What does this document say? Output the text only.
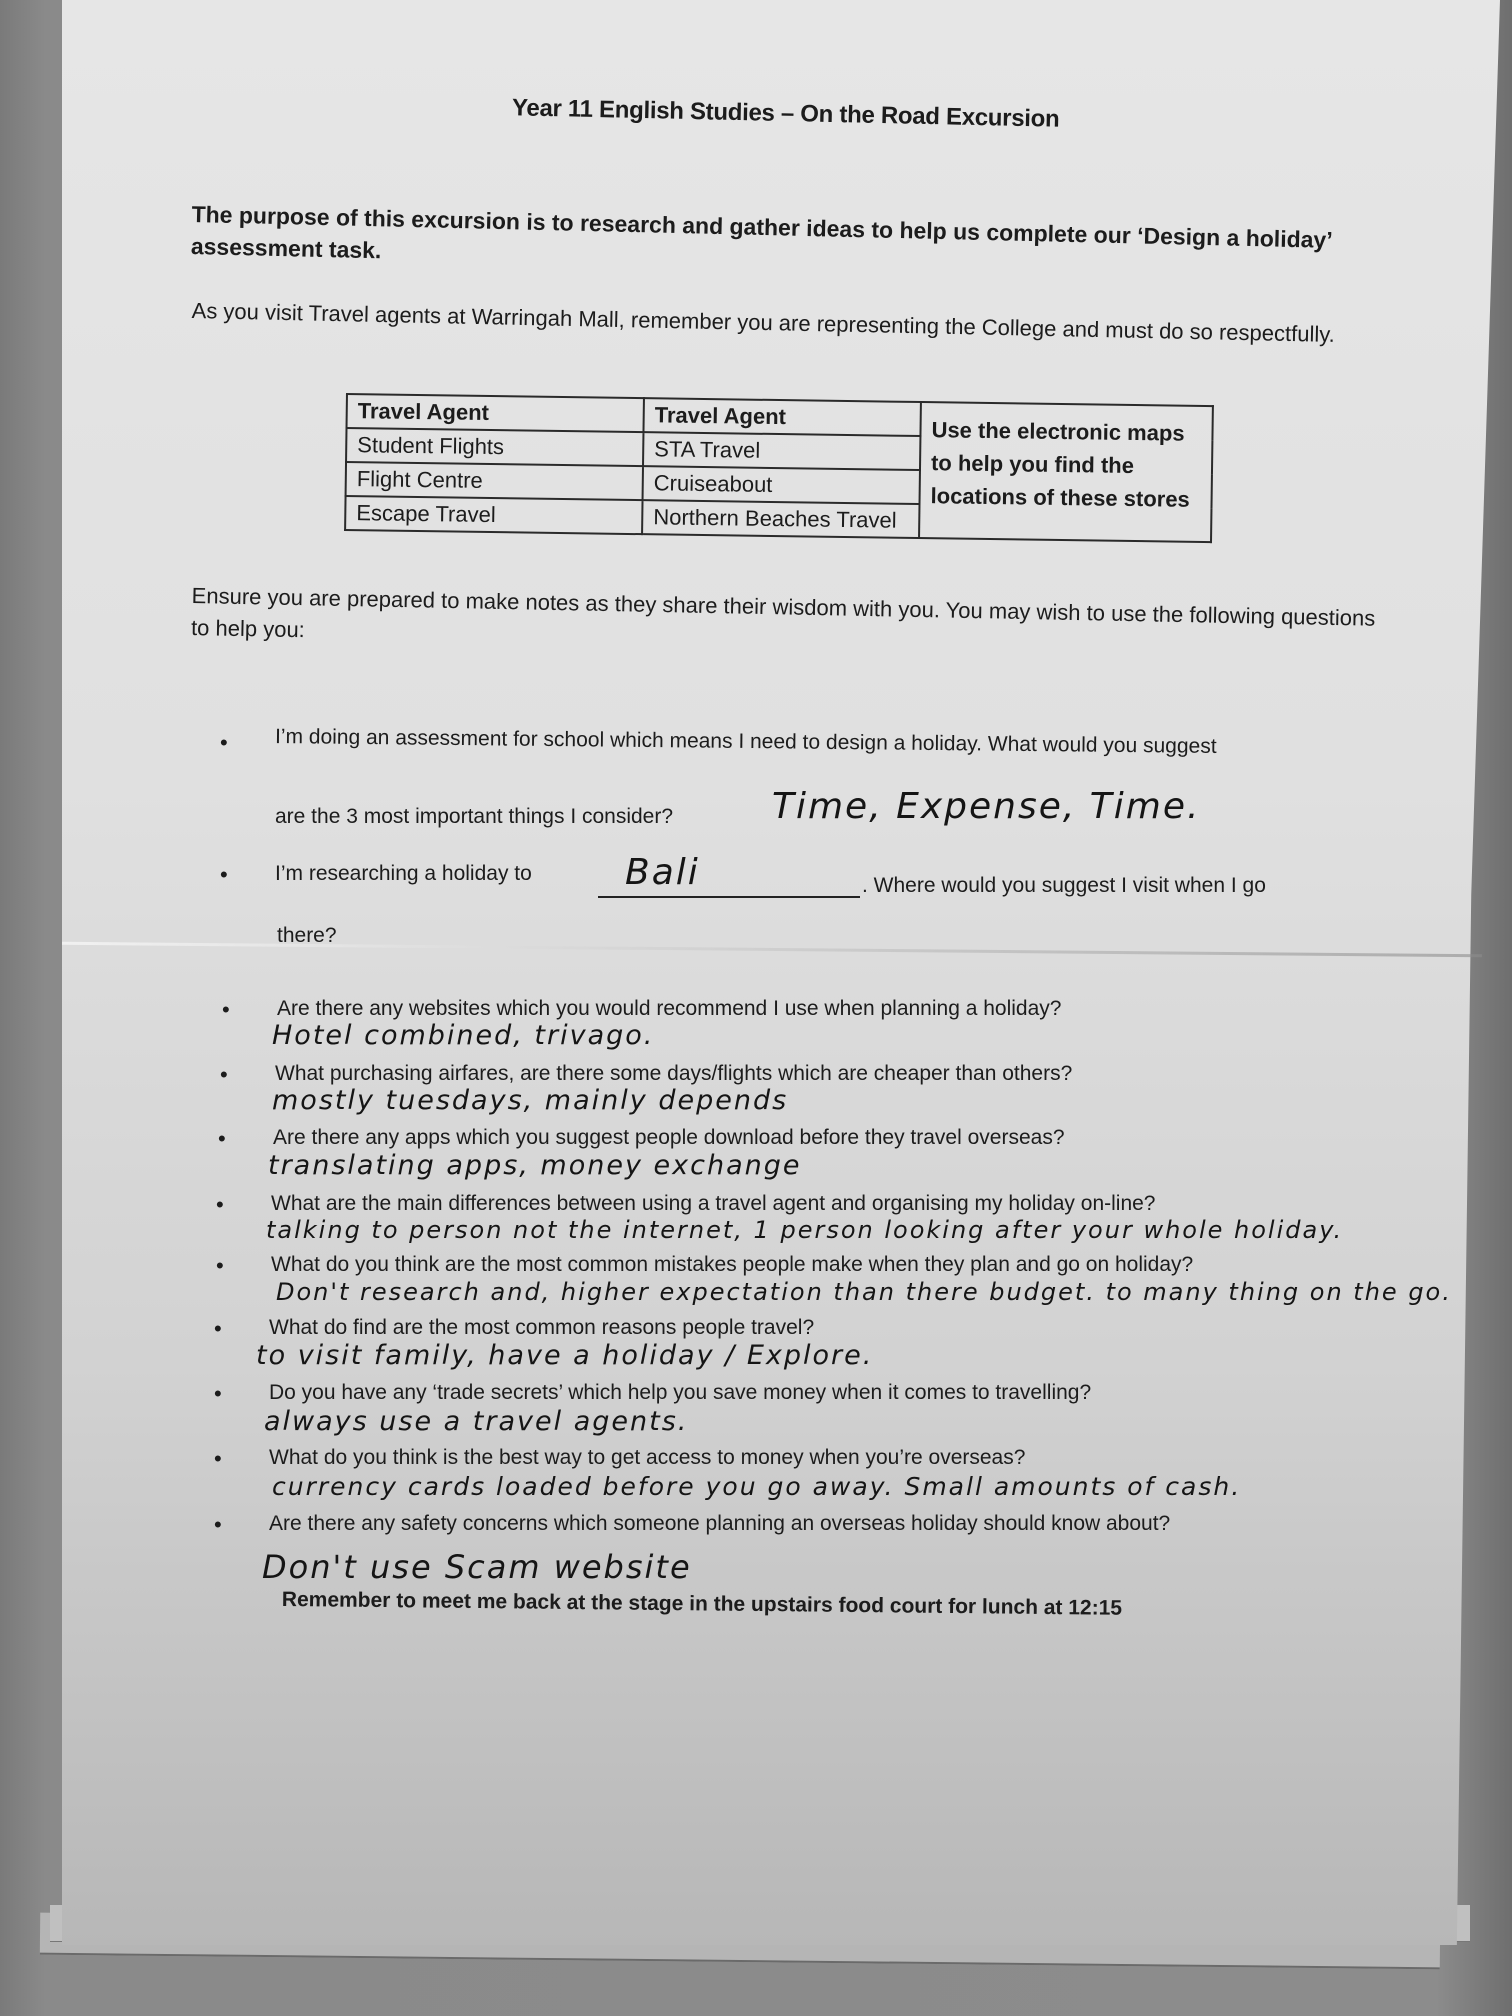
Year 11 English Studies – On the Road Excursion
The purpose of this excursion is to research and gather ideas to help us complete our ‘Design a holiday’ assessment task.
As you visit Travel agents at Warringah Mall, remember you are representing the College and must do so respectfully.
Travel Agent	Travel Agent	Use the electronic maps to help you find the locations of these stores
Student Flights	STA Travel	
Flight Centre	Cruiseabout	
Escape Travel	Northern Beaches Travel	
Ensure you are prepared to make notes as they share their wisdom with you. You may wish to use the following questions to help you:
• I’m doing an assessment for school which means I need to design a holiday. What would you suggest
are the 3 most important things I consider?	Time, Expense, Time.
• I’m researching a holiday to	Bali	. Where would you suggest I visit when I go
there?
• Are there any websites which you would recommend I use when planning a holiday?
Hotel combined, trivago.
• What purchasing airfares, are there some days/flights which are cheaper than others?
mostly tuesdays, mainly depends
• Are there any apps which you suggest people download before they travel overseas?
translating apps, money exchange
• What are the main differences between using a travel agent and organising my holiday on-line?
talking to person not the internet, 1 person looking after your whole holiday.
• What do you think are the most common mistakes people make when they plan and go on holiday?
Don't research and, higher expectation than there budget. to many thing on the go.
• What do find are the most common reasons people travel?
to visit family, have a holiday / Explore.
• Do you have any ‘trade secrets’ which help you save money when it comes to travelling?
always use a travel agents.
• What do you think is the best way to get access to money when you’re overseas?
currency cards loaded before you go away. Small amounts of cash.
• Are there any safety concerns which someone planning an overseas holiday should know about?
Don't use Scam website
Remember to meet me back at the stage in the upstairs food court for lunch at 12:15
